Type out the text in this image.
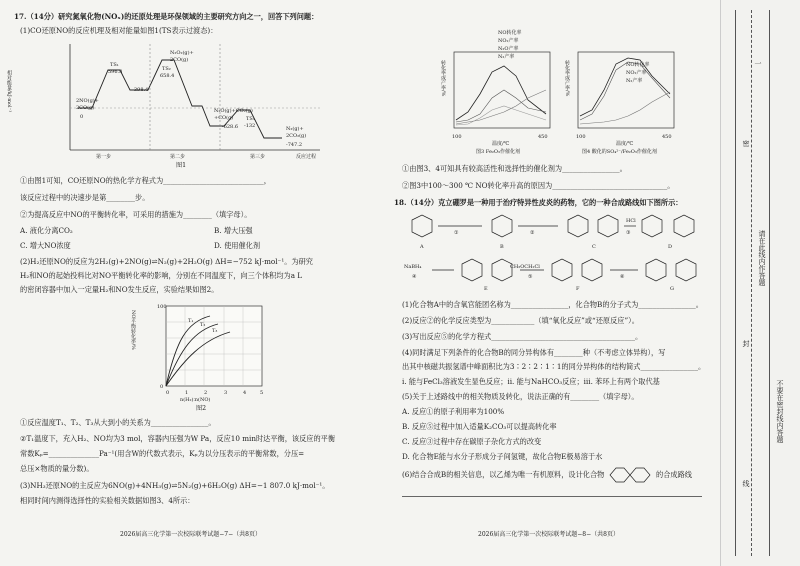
17.（14分）研究氮氧化物(NOₓ)的还原处理是环保领域的主要研究方向之一，回答下列问题：
(1)CO还原NO的反应机理及相对能量如图1(TS表示过渡态)：
相对能量/kJ·mol⁻¹	2NO(g)+
2CO(g)
0
TS₁
596.8
398.4
N₂O₂(g)+
2CO(g)
TS₂
658.4
N₂O(g)+CO₂(g)
+CO(g)
-628.6
TS₃
-132	N₂(g)+
2CO₂(g)
-747.2
第一步	第二步	第三步	反应过程
图1
①由图1可知，CO还原NO的热化学方程式为____________________________，
该反应过程中的决速步是第________步。
②为提高反应中NO的平衡转化率，可采用的措施为________（填字母）。
A. 液化分离CO₂	B. 增大压强
C. 增大NO浓度	D. 使用催化剂
(2)H₂还原NO的反应为2H₂(g)+2NO(g)⇌N₂(g)+2H₂O(g) ΔH=−752 kJ·mol⁻¹。为研究
H₂和NO的起始投料比对NO平衡转化率的影响，分别在不同温度下，向三个体积均为a L
的密闭容器中加入一定量H₂和NO发生反应，实验结果如图2。
NO平衡转化率/%	T₁
T₂
T₃
0
100
0	1	2	3	4	5
n(H₂)∶n(NO)
图2
①反应温度T₁、T₂、T₃从大到小的关系为________________。
②T₁温度下，充入H₂、NO均为3 mol，容器内压强为W Pa，反应10 min时达平衡，该反应的平衡
常数Kₚ=______________Pa⁻¹(用含W的代数式表示，Kₚ为以分压表示的平衡常数，分压=
总压×物质的量分数)。
(3)NH₃还原NO的主反应为6NO(g)+4NH₃(g)⇌5N₂(g)+6H₂O(g) ΔH=−1 807.0 kJ·mol⁻¹。
相同时间内测得选择性的实验相关数据如图3、4所示：
2026届高三化学第一次校际联考试题−7−（共8页）
NO转化率
NO₂产率
N₂O产率
N₂产率
转化率或产率/%
100	450
温度/℃
图3 Fe₂O₃作催化剂
NO转化率
NO₂产率
N₂产率
转化率或产率/%
100	450
温度/℃
图4 酸化的SO₄²⁻/Fe₂O₃作催化剂
①由图3、4可知具有较高活性和选择性的催化剂为________________。
②图3中100～300 ℃ NO转化率升高的原因为________________________________。
18.（14分）克立硼罗是一种用于治疗特异性皮炎的药物，它的一种合成路线如下图所示：
A	B	C	D
E	F	G
①	②
HCl
③
NaBH₄
④
CH₃OCH₂Cl
⑤	⑥
(1)化合物A中的含氧官能团名称为________________，化合物B的分子式为________________。
(2)反应②的化学反应类型为____________（填“氧化反应”或“还原反应”）。
(3)写出反应⑤的化学方程式________________________________________。
(4)同时满足下列条件的化合物B的同分异构体有________种（不考虑立体异构），写
出其中核磁共振氢谱中峰面积比为3∶2∶2∶1∶1的同分异构体的结构简式________________。
ⅰ. 能与FeCl₃溶液发生显色反应；ⅱ. 能与NaHCO₃反应；ⅲ. 苯环上有两个取代基
(5)关于上述路线中的相关物质及转化，说法正确的有________（填字母）。
A. 反应①的原子利用率为100%
B. 反应⑤过程中加入适量K₂CO₃可以提高转化率
C. 反应③过程中存在碳原子杂化方式的改变
D. 化合物E能与水分子形成分子间氢键，故化合物E极易溶于水
(6)结合合成B的相关信息，以乙烯为唯一有机原料，设计化合物	的合成路线
2026届高三化学第一次校际联考试题−8−（共8页）
一
密
请在此线内作答题
封
不要在密封线内答题
线
